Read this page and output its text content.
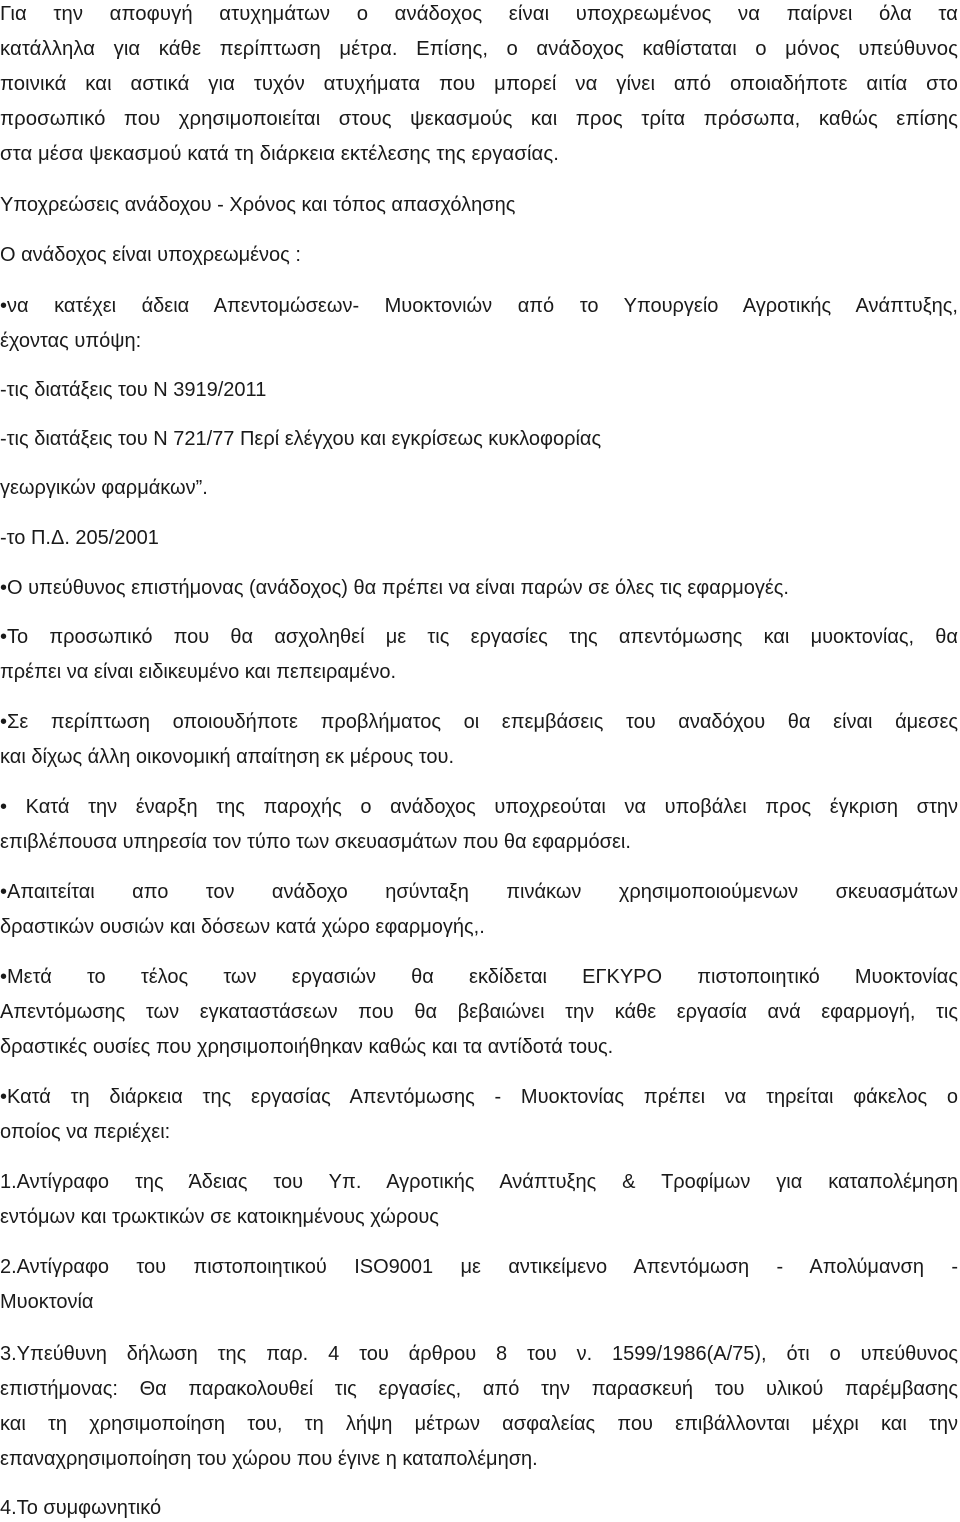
Για την αποφυγή ατυχημάτων ο ανάδοχος είναι υποχρεωμένος να παίρνει όλα τα
κατάλληλα για κάθε περίπτωση μέτρα. Επίσης, ο ανάδοχος καθίσταται ο μόνος υπεύθυνος
ποινικά και αστικά για τυχόν ατυχήματα που μπορεί να γίνει από οποιαδήποτε αιτία στο
προσωπικό που χρησιμοποιείται στους ψεκασμούς και προς τρίτα πρόσωπα, καθώς επίσης
στα μέσα ψεκασμού κατά τη διάρκεια εκτέλεσης της εργασίας.
Υποχρεώσεις ανάδοχου - Χρόνος και τόπος απασχόλησης
Ο ανάδοχος είναι υποχρεωμένος :
•να κατέχει άδεια Απεντομώσεων- Μυοκτονιών από το Υπουργείο Αγροτικής Ανάπτυξης,
έχοντας υπόψη:
-τις διατάξεις του Ν 3919/2011
-τις διατάξεις του Ν 721/77 Περί ελέγχου και εγκρίσεως κυκλοφορίας
γεωργικών φαρμάκων”.
-το Π.Δ. 205/2001
•Ο υπεύθυνος επιστήμονας (ανάδοχος) θα πρέπει να είναι παρών σε όλες τις εφαρμογές.
•Το προσωπικό που θα ασχοληθεί με τις εργασίες της απεντόμωσης και μυοκτονίας, θα
πρέπει να είναι ειδικευμένο και πεπειραμένο.
•Σε περίπτωση οποιουδήποτε προβλήματος οι επεμβάσεις του αναδόχου θα είναι άμεσες
και δίχως άλλη οικονομική απαίτηση εκ μέρους του.
• Κατά την έναρξη της παροχής ο ανάδοχος υποχρεούται να υποβάλει προς έγκριση στην
επιβλέπουσα υπηρεσία τον τύπο των σκευασμάτων που θα εφαρμόσει.
•Απαιτείται απο τον ανάδοχο ησύνταξη πινάκων χρησιμοποιούμενων σκευασμάτων
δραστικών ουσιών και δόσεων κατά χώρο εφαρμογής,.
•Μετά το τέλος των εργασιών θα εκδίδεται ΕΓΚΥΡΟ πιστοποιητικό Μυοκτονίας
Απεντόμωσης των εγκαταστάσεων που θα βεβαιώνει την κάθε εργασία ανά εφαρμογή, τις
δραστικές ουσίες που χρησιμοποιήθηκαν καθώς και τα αντίδοτά τους.
•Κατά τη διάρκεια της εργασίας Απεντόμωσης - Μυοκτονίας πρέπει να τηρείται φάκελος ο
οποίος να περιέχει:
1.Αντίγραφο της Άδειας του Υπ. Αγροτικής Ανάπτυξης & Τροφίμων για καταπολέμηση
εντόμων και τρωκτικών σε κατοικημένους χώρους
2.Αντίγραφο του πιστοποιητικού ISO9001 με αντικείμενο Απεντόμωση - Απολύμανση -
Μυοκτονία
3.Υπεύθυνη δήλωση της παρ. 4 του άρθρου 8 του ν. 1599/1986(Α/75), ότι ο υπεύθυνος
επιστήμονας: Θα παρακολουθεί τις εργασίες, από την παρασκευή του υλικού παρέμβασης
και τη χρησιμοποίηση του, τη λήψη μέτρων ασφαλείας που επιβάλλονται μέχρι και την
επαναχρησιμοποίηση του χώρου που έγινε η καταπολέμηση.
4.Το συμφωνητικό
